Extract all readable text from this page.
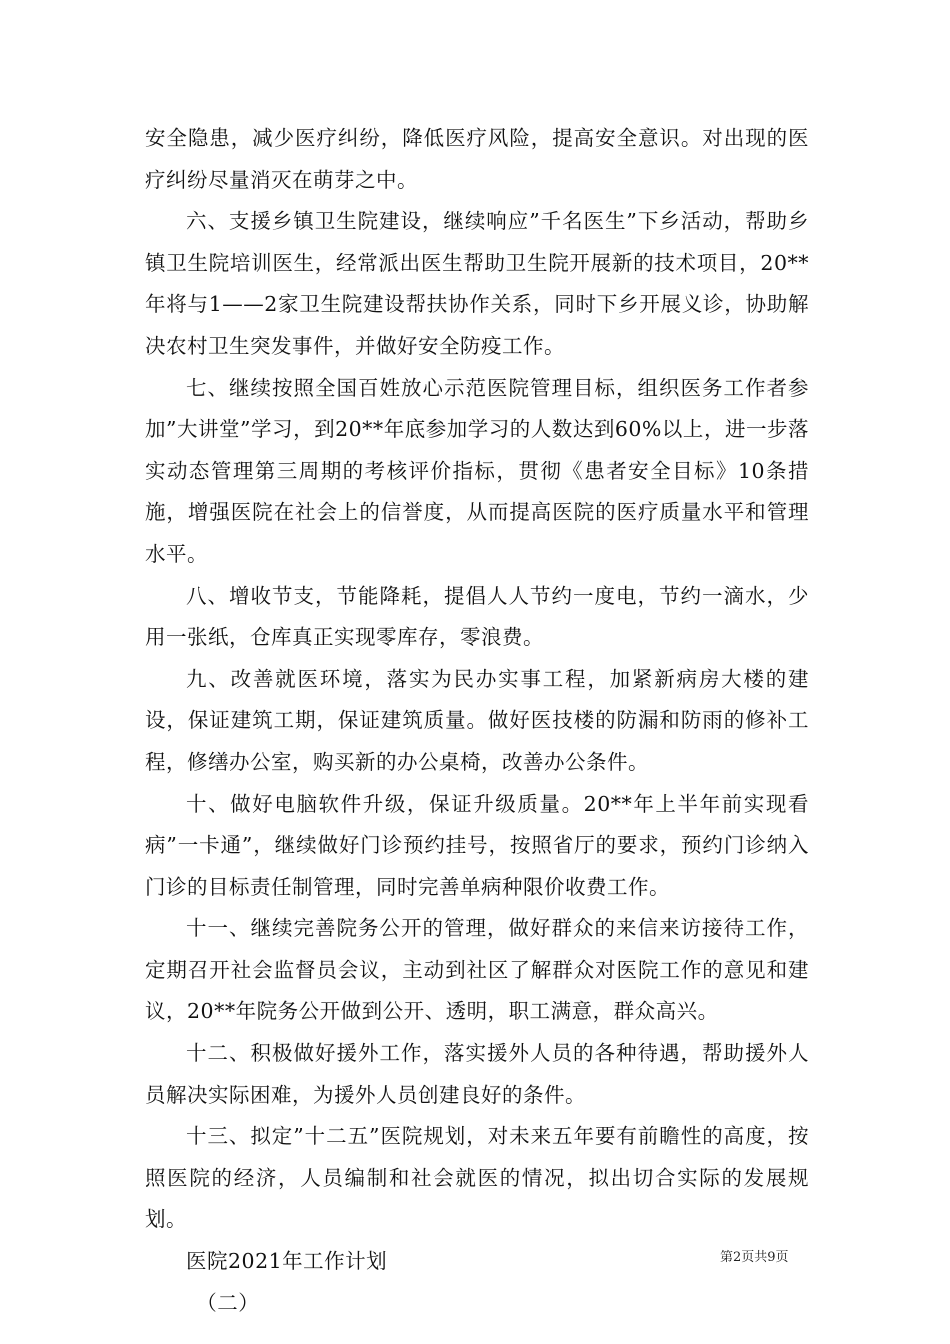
安全隐患，减少医疗纠纷，降低医疗风险，提高安全意识。对出现的医疗纠纷尽量消灭在萌芽之中。

六、支援乡镇卫生院建设，继续响应”千名医生”下乡活动，帮助乡镇卫生院培训医生，经常派出医生帮助卫生院开展新的技术项目，20**年将与1——2家卫生院建设帮扶协作关系，同时下乡开展义诊，协助解决农村卫生突发事件，并做好安全防疫工作。

七、继续按照全国百姓放心示范医院管理目标，组织医务工作者参加”大讲堂”学习，到20**年底参加学习的人数达到60%以上，进一步落实动态管理第三周期的考核评价指标，贯彻《患者安全目标》10条措施，增强医院在社会上的信誉度，从而提高医院的医疗质量水平和管理水平。

八、增收节支，节能降耗，提倡人人节约一度电，节约一滴水，少用一张纸，仓库真正实现零库存，零浪费。

九、改善就医环境，落实为民办实事工程，加紧新病房大楼的建设，保证建筑工期，保证建筑质量。做好医技楼的防漏和防雨的修补工程，修缮办公室，购买新的办公桌椅，改善办公条件。

十、做好电脑软件升级，保证升级质量。20**年上半年前实现看病”一卡通”，继续做好门诊预约挂号，按照省厅的要求，预约门诊纳入门诊的目标责任制管理，同时完善单病种限价收费工作。

十一、继续完善院务公开的管理，做好群众的来信来访接待工作，定期召开社会监督员会议，主动到社区了解群众对医院工作的意见和建议，20**年院务公开做到公开、透明，职工满意，群众高兴。

十二、积极做好援外工作，落实援外人员的各种待遇，帮助援外人员解决实际困难，为援外人员创建良好的条件。

十三、拟定”十二五”医院规划，对未来五年要有前瞻性的高度，按照医院的经济，人员编制和社会就医的情况，拟出切合实际的发展规划。

医院2021年工作计划

（二）

第2页共9页
